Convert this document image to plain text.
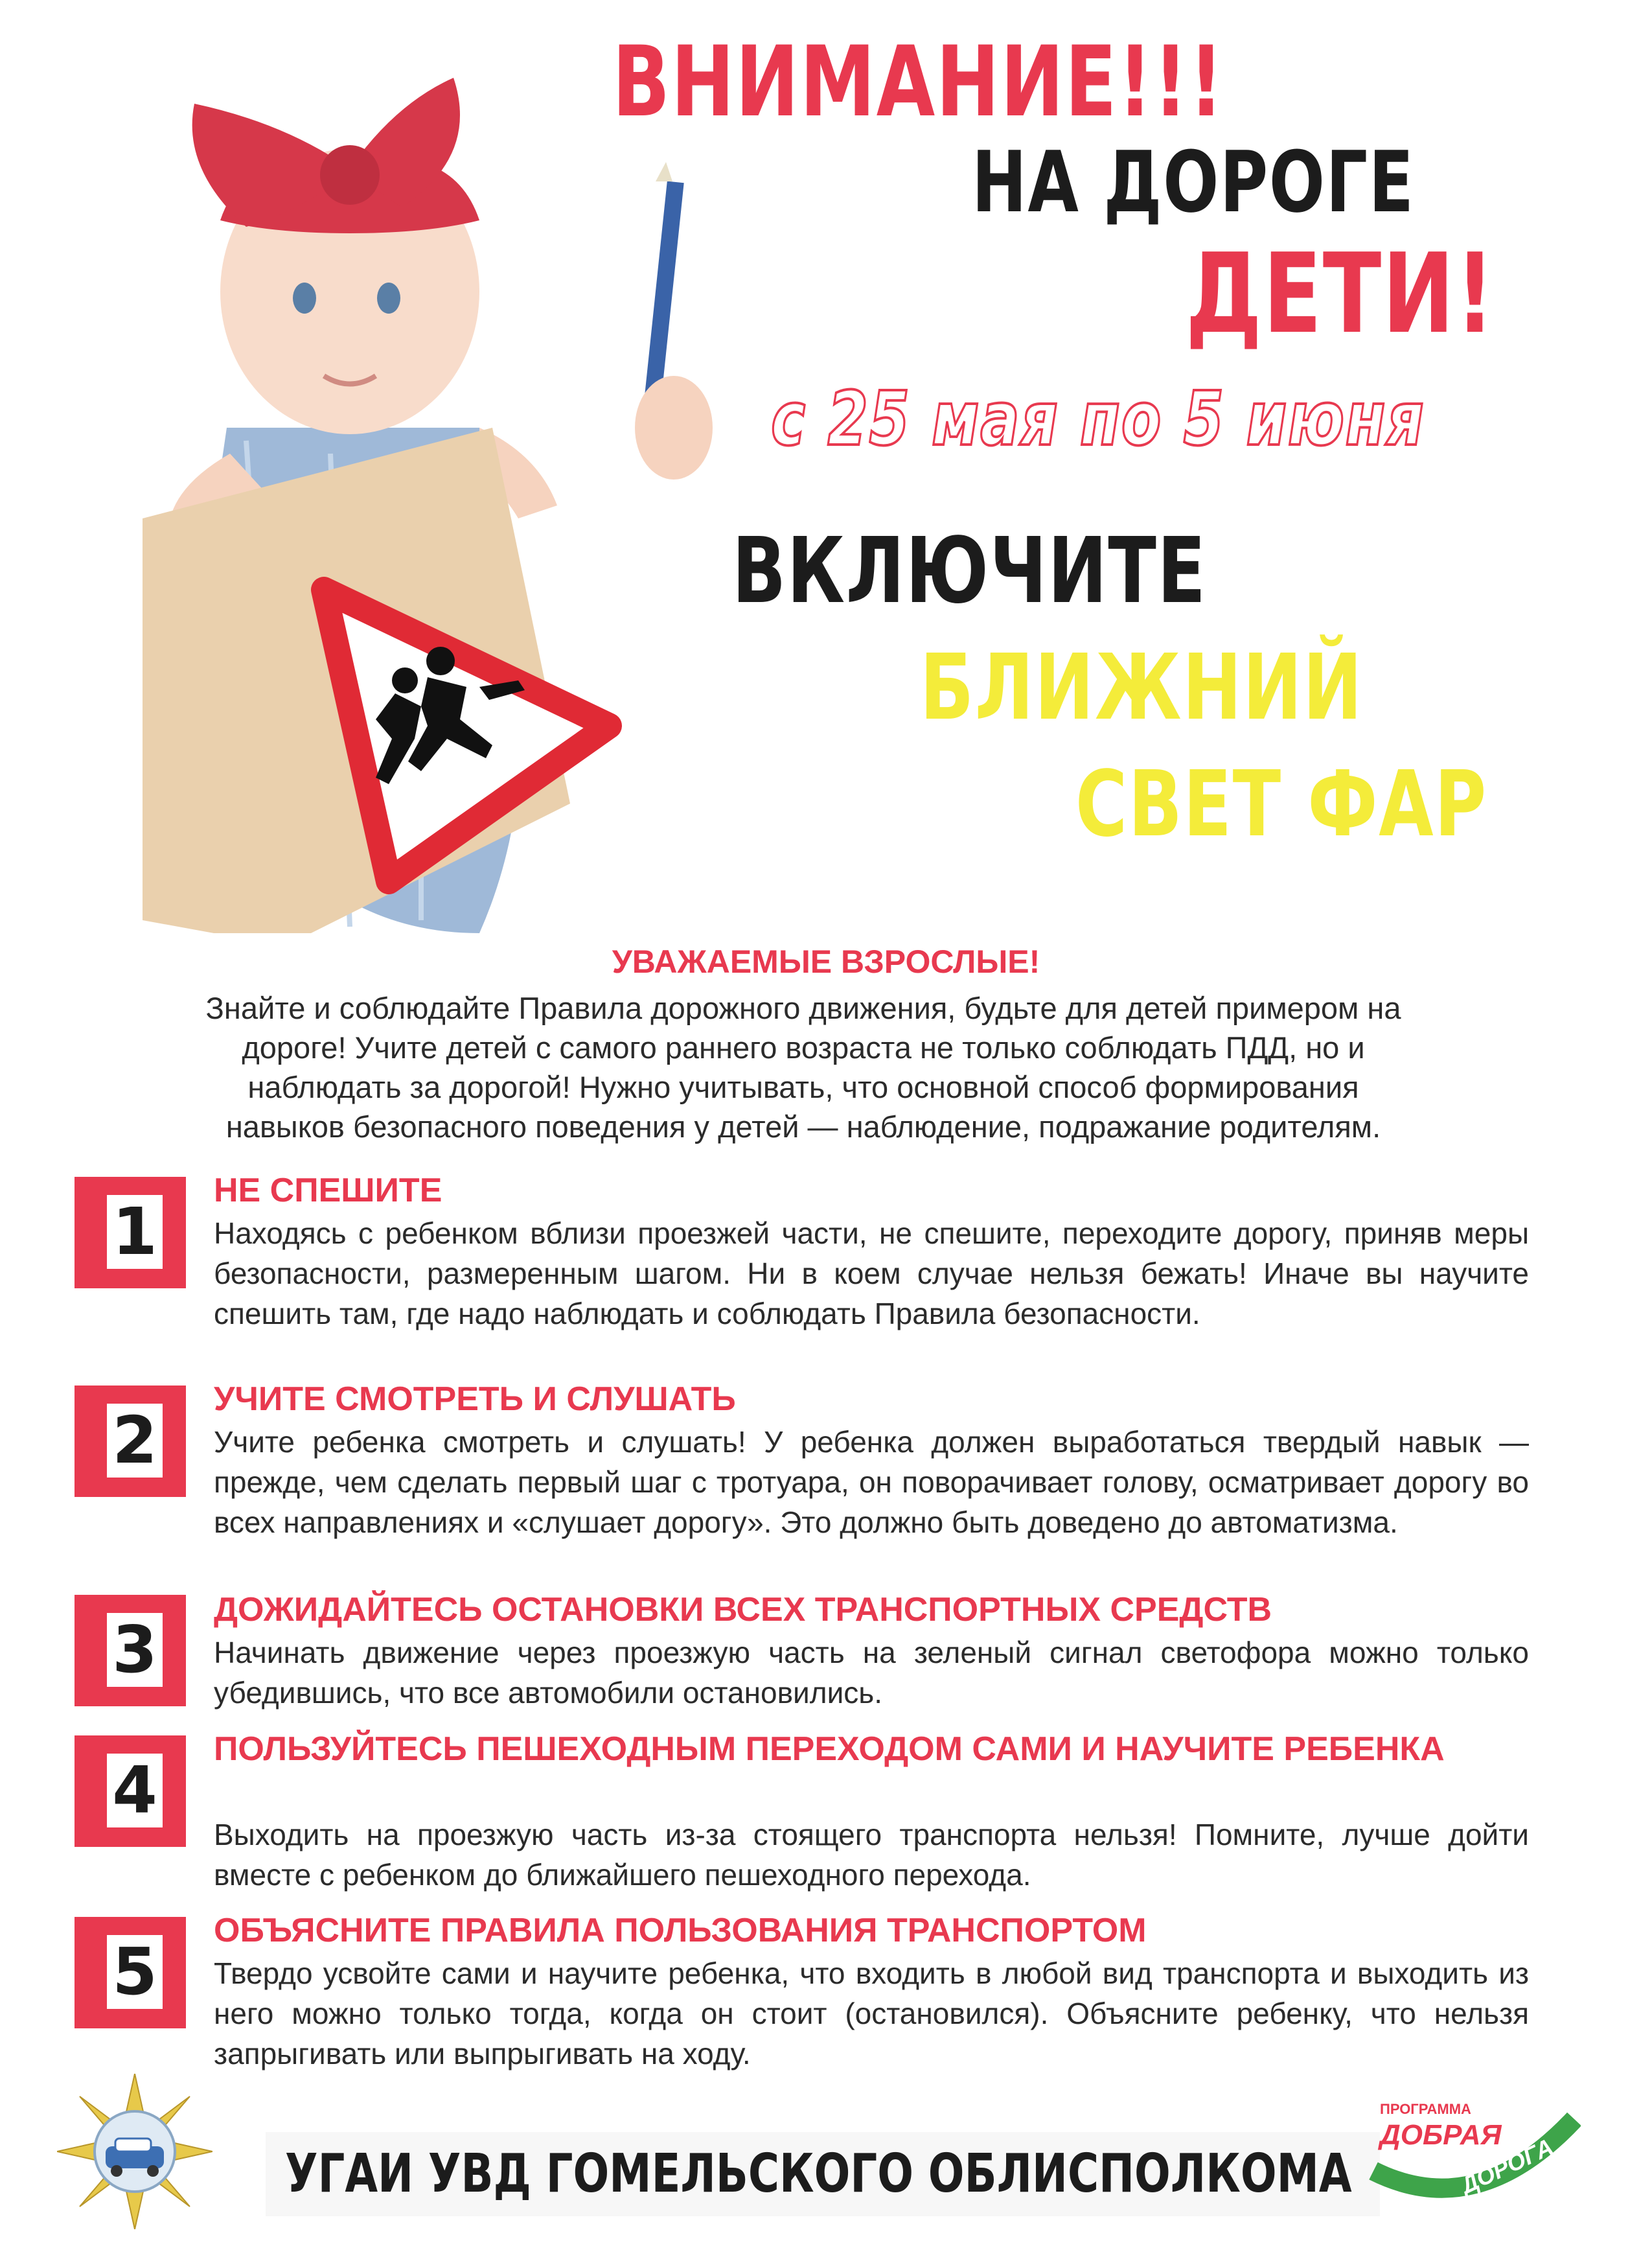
ВНИМАНИЕ!!!
НА ДОРОГЕ
ДЕТИ!
с 25 мая по 5 июня
ВКЛЮЧИТЕ
БЛИЖНИЙ
СВЕТ ФАР
УВАЖАЕМЫЕ ВЗРОСЛЫЕ!
Знайте и соблюдайте Правила дорожного движения, будьте для детей примером на
дороге! Учите детей с самого раннего возраста не только соблюдать ПДД, но и
наблюдать за дорогой! Нужно учитывать, что основной способ формирования
навыков безопасного поведения у детей — наблюдение, подражание родителям.
1
НЕ СПЕШИТЕ
Находясь с ребенком вблизи проезжей части, не спешите, переходите дорогу, приняв меры безопасности, размеренным шагом. Ни в коем случае нельзя бежать! Иначе вы научите спешить там, где надо наблюдать и соблюдать Правила безопасности.
2
УЧИТЕ СМОТРЕТЬ И СЛУШАТЬ
Учите ребенка смотреть и слушать! У ребенка должен выработаться твердый навык — прежде, чем сделать первый шаг с тротуара, он поворачивает голову, осматривает дорогу во всех направлениях и «слушает дорогу». Это должно быть доведено до автоматизма.
3
ДОЖИДАЙТЕСЬ ОСТАНОВКИ ВСЕХ ТРАНСПОРТНЫХ СРЕДСТВ
Начинать движение через проезжую часть на зеленый сигнал светофора можно только убедившись, что все автомобили остановились.
4
ПОЛЬЗУЙТЕСЬ ПЕШЕХОДНЫМ ПЕРЕХОДОМ САМИ И НАУЧИТЕ РЕБЕНКА
Выходить на проезжую часть из-за стоящего транспорта нельзя! Помните, лучше дойти вместе с ребенком до ближайшего пешеходного перехода.
5
ОБЪЯСНИТЕ ПРАВИЛА ПОЛЬЗОВАНИЯ ТРАНСПОРТОМ
Твердо усвойте сами и научите ребенка, что входить в любой вид транспорта и выходить из него можно только тогда, когда он стоит (остановился). Объясните ребенку, что нельзя запрыгивать или выпрыгивать на ходу.
УГАИ УВД ГОМЕЛЬСКОГО ОБЛИСПОЛКОМА
ПРОГРАММА
ДОБРАЯ
ДОРОГА
